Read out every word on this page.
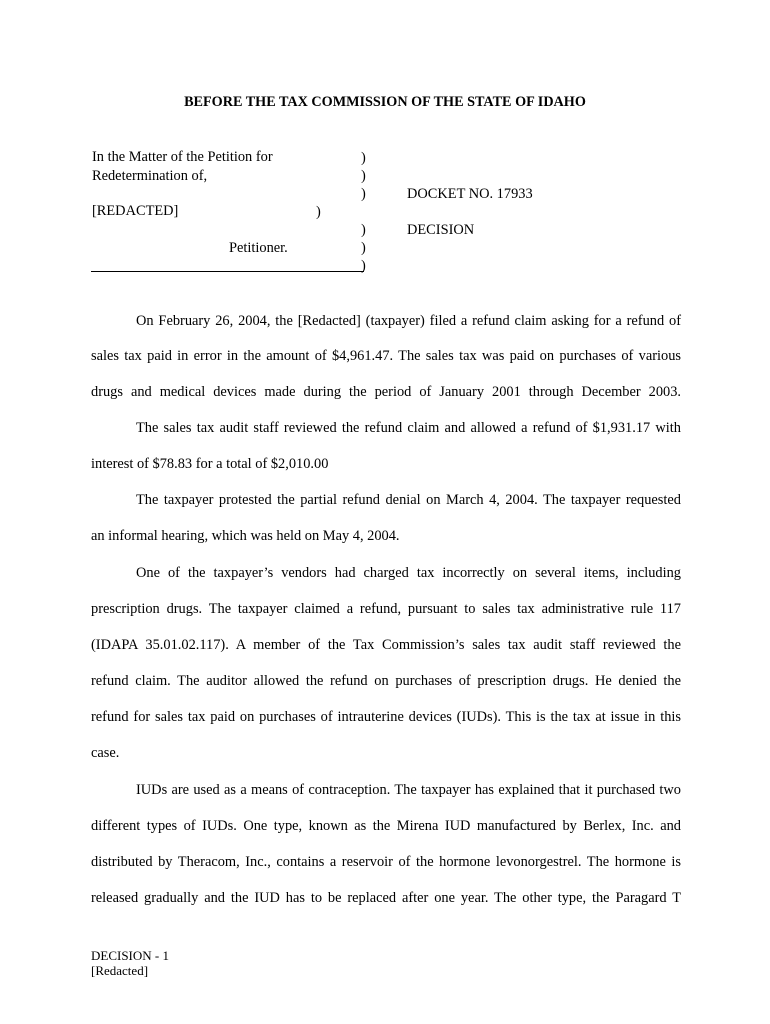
BEFORE THE TAX COMMISSION OF THE STATE OF IDAHO
In the Matter of the Petition for
Redetermination of,
[REDACTED]
Petitioner.
)
)
)
)
)
)
)
DOCKET NO. 17933
DECISION
On February 26, 2004, the [Redacted] (taxpayer) filed a refund claim asking for a refund of
sales tax paid in error in the amount of $4,961.47. The sales tax was paid on purchases of various
drugs and medical devices made during the period of January 2001 through December 2003.
The sales tax audit staff reviewed the refund claim and allowed a refund of $1,931.17 with
interest of $78.83 for a total of $2,010.00
The taxpayer protested the partial refund denial on March 4, 2004. The taxpayer requested
an informal hearing, which was held on May 4, 2004.
One of the taxpayer’s vendors had charged tax incorrectly on several items, including
prescription drugs. The taxpayer claimed a refund, pursuant to sales tax administrative rule 117
(IDAPA 35.01.02.117). A member of the Tax Commission’s sales tax audit staff reviewed the
refund claim. The auditor allowed the refund on purchases of prescription drugs. He denied the
refund for sales tax paid on purchases of intrauterine devices (IUDs). This is the tax at issue in this
case.
IUDs are used as a means of contraception. The taxpayer has explained that it purchased two
different types of IUDs. One type, known as the Mirena IUD manufactured by Berlex, Inc. and
distributed by Theracom, Inc., contains a reservoir of the hormone levonorgestrel. The hormone is
released gradually and the IUD has to be replaced after one year. The other type, the Paragard T
DECISION - 1
[Redacted]
